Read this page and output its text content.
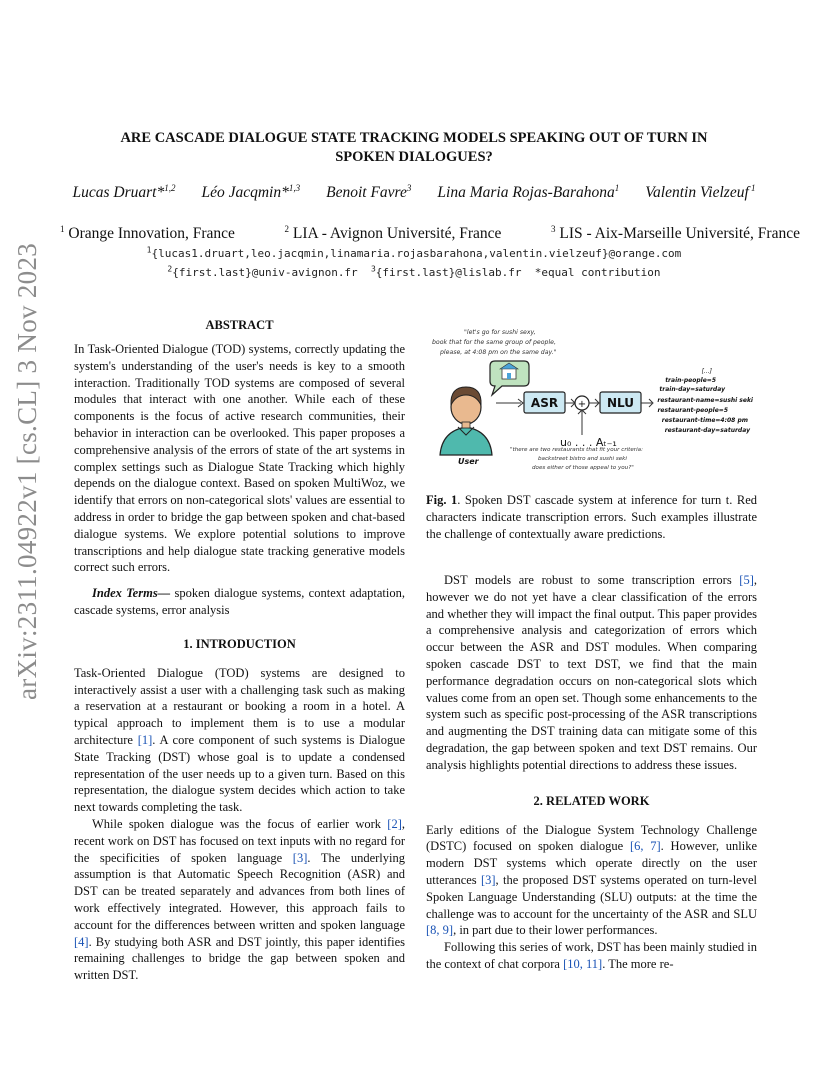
arXiv:2311.04922v1 [cs.CL] 3 Nov 2023
ARE CASCADE DIALOGUE STATE TRACKING MODELS SPEAKING OUT OF TURN IN
SPOKEN DIALOGUES?
Lucas Druart*$^{1,2}$ Léo Jacqmin*$^{1,3}$ Benoit Favre$^3$ Lina Maria Rojas-Barahona$^1$ Valentin Vielzeuf $^1$
$^1$ Orange Innovation, France	$^2$ LIA - Avignon Université, France	$^3$ LIS - Aix-Marseille Université, France
$^1${lucas1.druart,leo.jacqmin,linamaria.rojasbarahona,valentin.vielzeuf}@orange.com
$^2${first.last}@univ-avignon.fr $^3${first.last}@lislab.fr *equal contribution
ABSTRACT

In Task-Oriented Dialogue (TOD) systems, correctly updating the system's understanding of the user's needs is key to a smooth interaction. Traditionally TOD systems are composed of several modules that interact with one another. While each of these components is the focus of active research communities, their behavior in interaction can be overlooked. This paper proposes a comprehensive analysis of the errors of state of the art systems in complex settings such as Dialogue State Tracking which highly depends on the dialogue context. Based on spoken MultiWoz, we identify that errors on non-categorical slots' values are essential to address in order to bridge the gap between spoken and chat-based dialogue systems. We explore potential solutions to improve transcriptions and help dialogue state tracking generative models correct such errors.

Index Terms— spoken dialogue systems, context adaptation, cascade systems, error analysis

1. INTRODUCTION

Task-Oriented Dialogue (TOD) systems are designed to interactively assist a user with a challenging task such as making a reservation at a restaurant or booking a room in a hotel. A typical approach to implement them is to use a modular architecture [1]. A core component of such systems is Dialogue State Tracking (DST) whose goal is to update a condensed representation of the user needs up to a given turn. Based on this representation, the dialogue system decides which action to take next towards completing the task.

While spoken dialogue was the focus of earlier work [2], recent work on DST has focused on text inputs with no regard for the specificities of spoken language [3]. The underlying assumption is that Automatic Speech Recognition (ASR) and DST can be treated separately and advances from both lines of work effectively integrated. However, this approach fails to account for the differences between written and spoken language [4]. By studying both ASR and DST jointly, this paper identifies remaining challenges to bridge the gap between spoken and written DST.

"let's go for sushi sexy,
book that for the same group of people,
please, at 4:08 pm on the same day."
User
ASR + NLU
u₀ . . . Aₜ₋₁
"there are two restaurants that fit your criteria:
backstreet bistro and sushi seki
does either of those appeal to you?"
[...]
train-people=5
train-day=saturday
restaurant-name=sushi seki
restaurant-people=5
restaurant-time=4:08 pm
restaurant-day=saturday
Fig. 1. Spoken DST cascade system at inference for turn t. Red characters indicate transcription errors. Such examples illustrate the challenge of contextually aware predictions.

DST models are robust to some transcription errors [5], however we do not yet have a clear classification of the errors and whether they will impact the final output. This paper provides a comprehensive analysis and categorization of errors which occur between the ASR and DST modules. When comparing spoken cascade DST to text DST, we find that the main performance degradation occurs on non-categorical slots which values come from an open set. Though some enhancements to the system such as specific post-processing of the ASR transcriptions and augmenting the DST training data can mitigate some of this degradation, the gap between spoken and text DST remains. Our analysis highlights potential directions to address these issues.

2. RELATED WORK

Early editions of the Dialogue System Technology Challenge (DSTC) focused on spoken dialogue [6, 7]. However, unlike modern DST systems which operate directly on the user utterances [3], the proposed DST systems operated on turn-level Spoken Language Understanding (SLU) outputs: at the time the challenge was to account for the uncertainty of the ASR and SLU [8, 9], in part due to their lower performances.

Following this series of work, DST has been mainly studied in the context of chat corpora [10, 11]. The more re-
